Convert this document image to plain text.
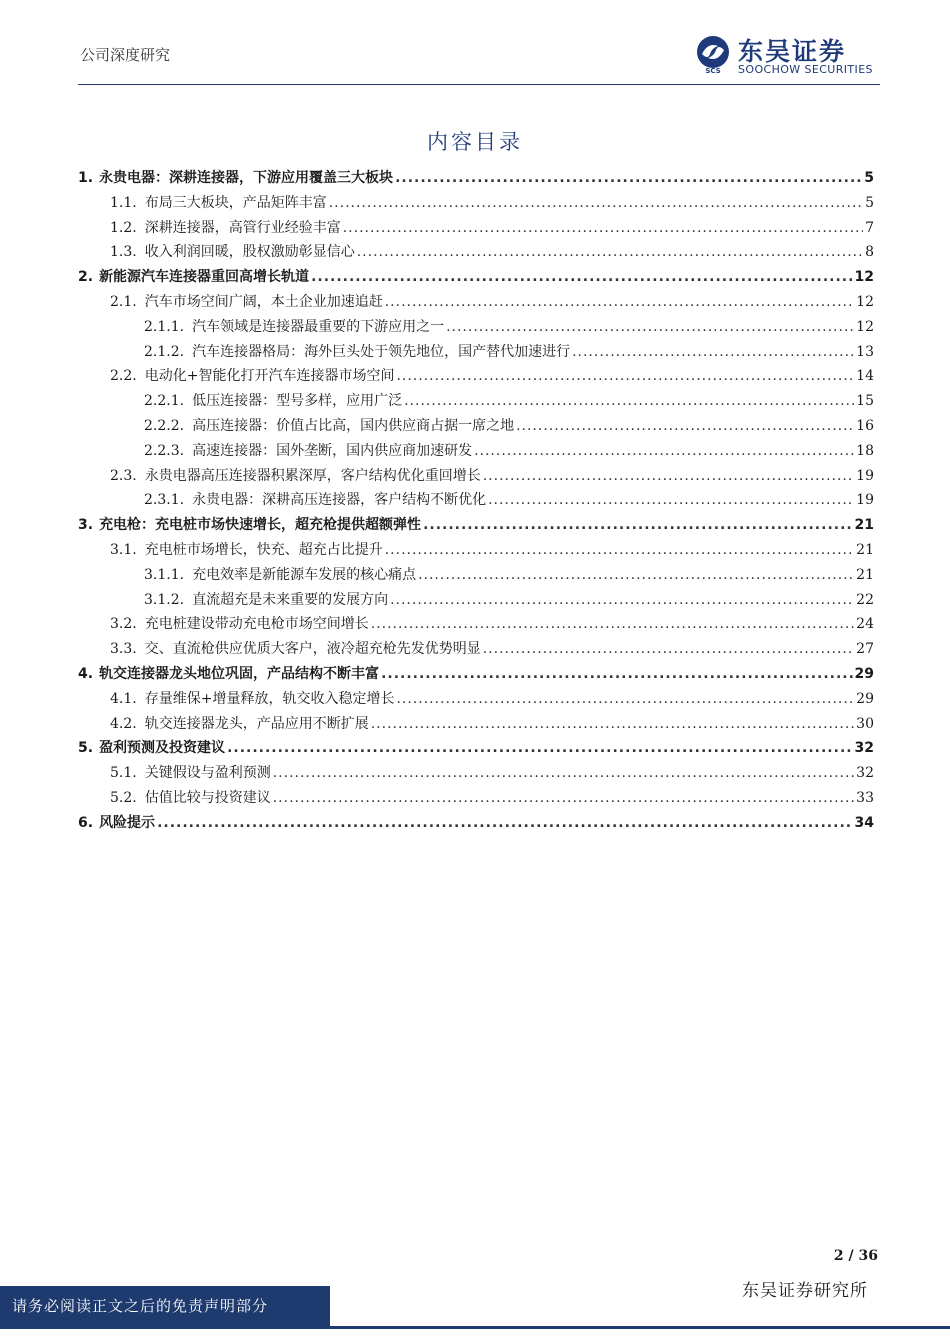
公司深度研究
SCS
东吴证券
SOOCHOW SECURITIES
内容目录
1. 永贵电器：深耕连接器，下游应用覆盖三大板块 .....	5
1.1. 布局三大板块，产品矩阵丰富 .....	5
1.2. 深耕连接器，高管行业经验丰富 .....	7
1.3. 收入利润回暖，股权激励彰显信心 .....	8
2. 新能源汽车连接器重回高增长轨道 .....	12
2.1. 汽车市场空间广阔，本土企业加速追赶 .....	12
2.1.1. 汽车领域是连接器最重要的下游应用之一 .....	12
2.1.2. 汽车连接器格局：海外巨头处于领先地位，国产替代加速进行 .....	13
2.2. 电动化+智能化打开汽车连接器市场空间 .....	14
2.2.1. 低压连接器：型号多样，应用广泛 .....	15
2.2.2. 高压连接器：价值占比高，国内供应商占据一席之地 .....	16
2.2.3. 高速连接器：国外垄断，国内供应商加速研发 .....	18
2.3. 永贵电器高压连接器积累深厚，客户结构优化重回增长 .....	19
2.3.1. 永贵电器：深耕高压连接器，客户结构不断优化 .....	19
3. 充电枪：充电桩市场快速增长，超充枪提供超额弹性 .....	21
3.1. 充电桩市场增长，快充、超充占比提升 .....	21
3.1.1. 充电效率是新能源车发展的核心痛点 .....	21
3.1.2. 直流超充是未来重要的发展方向 .....	22
3.2. 充电桩建设带动充电枪市场空间增长 .....	24
3.3. 交、直流枪供应优质大客户，液冷超充枪先发优势明显 .....	27
4. 轨交连接器龙头地位巩固，产品结构不断丰富 .....	29
4.1. 存量维保+增量释放，轨交收入稳定增长 .....	29
4.2. 轨交连接器龙头，产品应用不断扩展 .....	30
5. 盈利预测及投资建议 .....	32
5.1. 关键假设与盈利预测 .....	32
5.2. 估值比较与投资建议 .....	33
6. 风险提示 .....	34
2 / 36
东吴证券研究所
请务必阅读正文之后的免责声明部分
